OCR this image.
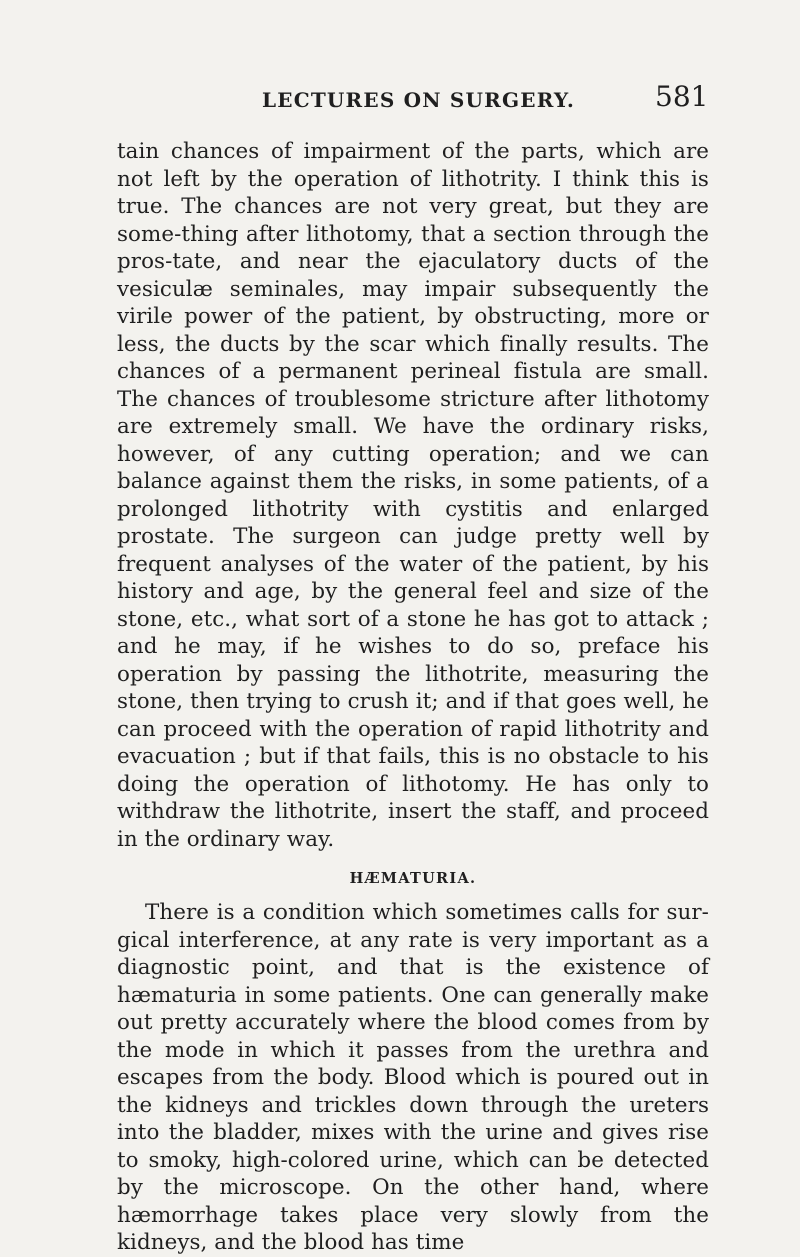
LECTURES ON SURGERY.	581

tain chances of impairment of the parts, which are not left by the operation of lithotrity. I think this is true. The chances are not very great, but they are some-thing after lithotomy, that a section through the pros-tate, and near the ejaculatory ducts of the vesiculæ seminales, may impair subsequently the virile power of the patient, by obstructing, more or less, the ducts by the scar which finally results. The chances of a permanent perineal fistula are small. The chances of troublesome stricture after lithotomy are extremely small. We have the ordinary risks, however, of any cutting operation; and we can balance against them the risks, in some patients, of a prolonged lithotrity with cystitis and enlarged prostate. The surgeon can judge pretty well by frequent analyses of the water of the patient, by his history and age, by the general feel and size of the stone, etc., what sort of a stone he has got to attack ; and he may, if he wishes to do so, preface his operation by passing the lithotrite, measuring the stone, then trying to crush it; and if that goes well, he can proceed with the operation of rapid lithotrity and evacuation ; but if that fails, this is no obstacle to his doing the operation of lithotomy. He has only to withdraw the lithotrite, insert the staff, and proceed in the ordinary way.

HÆMATURIA.

There is a condition which sometimes calls for sur-gical interference, at any rate is very important as a diagnostic point, and that is the existence of hæmaturia in some patients. One can generally make out pretty accurately where the blood comes from by the mode in which it passes from the urethra and escapes from the body. Blood which is poured out in the kidneys and trickles down through the ureters into the bladder, mixes with the urine and gives rise to smoky, high-colored urine, which can be detected by the microscope. On the other hand, where hæmorrhage takes place very slowly from the kidneys, and the blood has time
